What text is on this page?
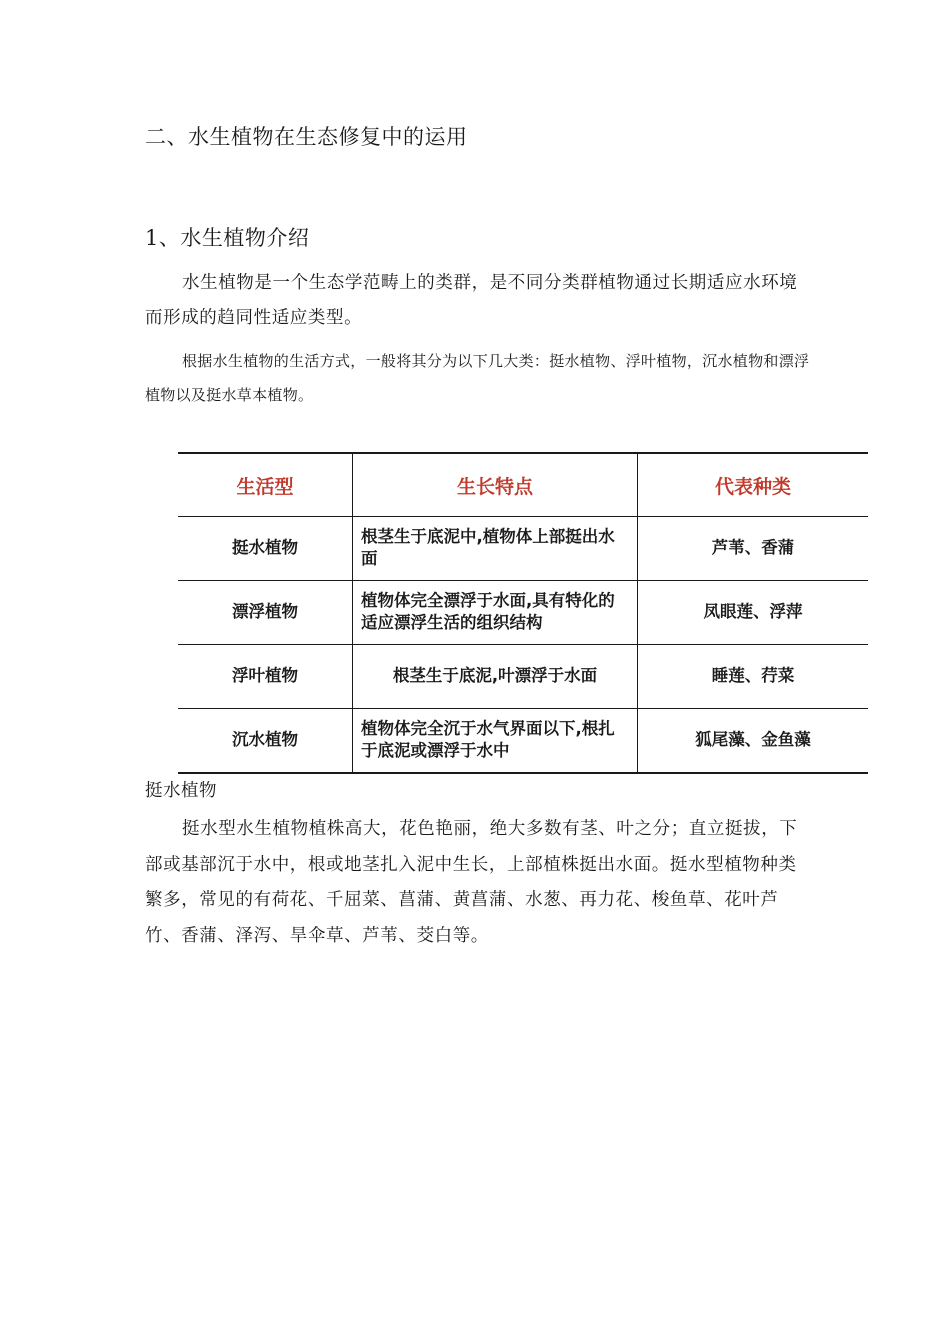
二、水生植物在生态修复中的运用
1、水生植物介绍
水生植物是一个生态学范畴上的类群，是不同分类群植物通过长期适应水环境而形成的趋同性适应类型。
根据水生植物的生活方式，一般将其分为以下几大类：挺水植物、浮叶植物，沉水植物和漂浮植物以及挺水草本植物。
生活型	生长特点	代表种类
挺水植物	根茎生于底泥中,植物体上部挺出水面	芦苇、香蒲
漂浮植物	植物体完全漂浮于水面,具有特化的适应漂浮生活的组织结构	凤眼莲、浮萍
浮叶植物	根茎生于底泥,叶漂浮于水面	睡莲、荇菜
沉水植物	植物体完全沉于水气界面以下,根扎于底泥或漂浮于水中	狐尾藻、金鱼藻
挺水植物
挺水型水生植物植株高大，花色艳丽，绝大多数有茎、叶之分；直立挺拔，下部或基部沉于水中，根或地茎扎入泥中生长，上部植株挺出水面。挺水型植物种类繁多，常见的有荷花、千屈菜、菖蒲、黄菖蒲、水葱、再力花、梭鱼草、花叶芦竹、香蒲、泽泻、旱伞草、芦苇、茭白等。
